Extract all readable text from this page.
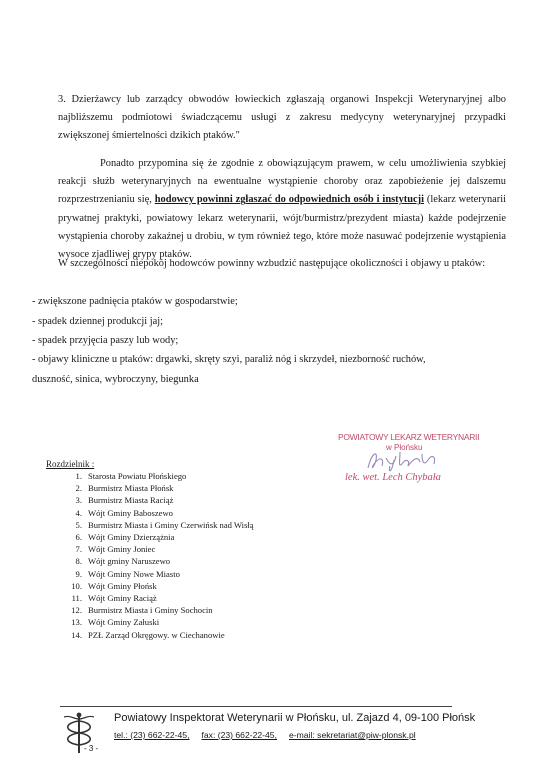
3. Dzierżawcy lub zarządcy obwodów łowieckich zgłaszają organowi Inspekcji Weterynaryjnej albo najbliższemu podmiotowi świadczącemu usługi z zakresu medycyny weterynaryjnej przypadki zwiększonej śmiertelności dzikich ptaków."

Ponadto przypomina się że zgodnie z obowiązującym prawem, w celu umożliwienia szybkiej reakcji służb weterynaryjnych na ewentualne wystąpienie choroby oraz zapobieżenie jej dalszemu rozprzestrzenianiu się, hodowcy powinni zgłaszać do odpowiednich osób i instytucji (lekarz weterynarii prywatnej praktyki, powiatowy lekarz weterynarii, wójt/burmistrz/prezydent miasta) każde podejrzenie wystąpienia choroby zakaźnej u drobiu, w tym również tego, które może nasuwać podejrzenie wystąpienia wysoce zjadliwej grypy ptaków.

W szczególności niepokój hodowców powinny wzbudzić następujące okoliczności i objawy u ptaków:

- zwiększone padnięcia ptaków w gospodarstwie;
- spadek dziennej produkcji jaj;
- spadek przyjęcia paszy lub wody;
- objawy kliniczne u ptaków: drgawki, skręty szyi, paraliż nóg i skrzydeł, niezborność ruchów,
duszność, sinica, wybroczyny, biegunka
POWIATOWY LEKARZ WETERYNARII
w Płońsku
lek. wet. Lech Chybała
Rozdzielnik :
1. Starosta Powiatu Płońskiego
2. Burmistrz Miasta Płońsk
3. Burmistrz Miasta Raciąż
4. Wójt Gminy Baboszewo
5. Burmistrz Miasta i Gminy Czerwińsk nad Wisłą
6. Wójt Gminy Dzierzążnia
7. Wójt Gminy Joniec
8. Wójt gminy Naruszewo
9. Wójt Gminy Nowe Miasto
10. Wójt Gminy Płońsk
11. Wójt Gminy Raciąż
12. Burmistrz Miasta i Gminy Sochocin
13. Wójt Gminy Załuski
14. PZŁ Zarząd Okręgowy. w Ciechanowie
Powiatowy Inspektorat Weterynarii w Płońsku, ul. Zajazd 4, 09-100 Płońsk
tel.: (23) 662-22-45, fax: (23) 662-22-45, e-mail: sekretariat@piw-plonsk.pl
- 3 -
